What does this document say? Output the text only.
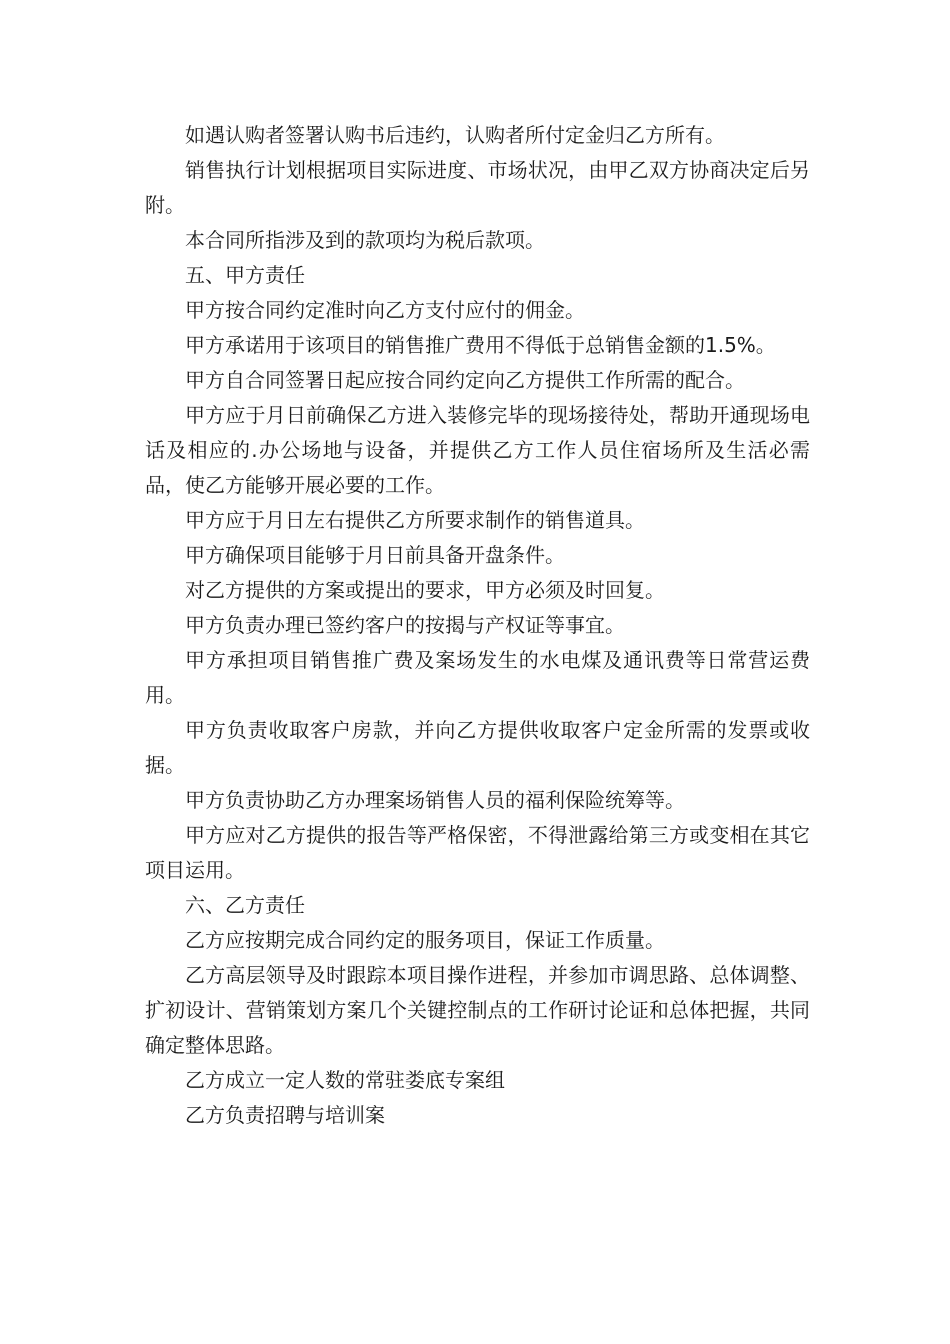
如遇认购者签署认购书后违约，认购者所付定金归乙方所有。

销售执行计划根据项目实际进度、市场状况，由甲乙双方协商决定后另附。

本合同所指涉及到的款项均为税后款项。

五、甲方责任

甲方按合同约定准时向乙方支付应付的佣金。

甲方承诺用于该项目的销售推广费用不得低于总销售金额的1.5%。

甲方自合同签署日起应按合同约定向乙方提供工作所需的配合。

甲方应于月日前确保乙方进入装修完毕的现场接待处，帮助开通现场电话及相应的.办公场地与设备，并提供乙方工作人员住宿场所及生活必需品，使乙方能够开展必要的工作。

甲方应于月日左右提供乙方所要求制作的销售道具。

甲方确保项目能够于月日前具备开盘条件。

对乙方提供的方案或提出的要求，甲方必须及时回复。

甲方负责办理已签约客户的按揭与产权证等事宜。

甲方承担项目销售推广费及案场发生的水电煤及通讯费等日常营运费用。

甲方负责收取客户房款，并向乙方提供收取客户定金所需的发票或收据。

甲方负责协助乙方办理案场销售人员的福利保险统筹等。

甲方应对乙方提供的报告等严格保密，不得泄露给第三方或变相在其它项目运用。

六、乙方责任

乙方应按期完成合同约定的服务项目，保证工作质量。

乙方高层领导及时跟踪本项目操作进程，并参加市调思路、总体调整、扩初设计、营销策划方案几个关键控制点的工作研讨论证和总体把握，共同确定整体思路。

乙方成立一定人数的常驻娄底专案组

乙方负责招聘与培训案
